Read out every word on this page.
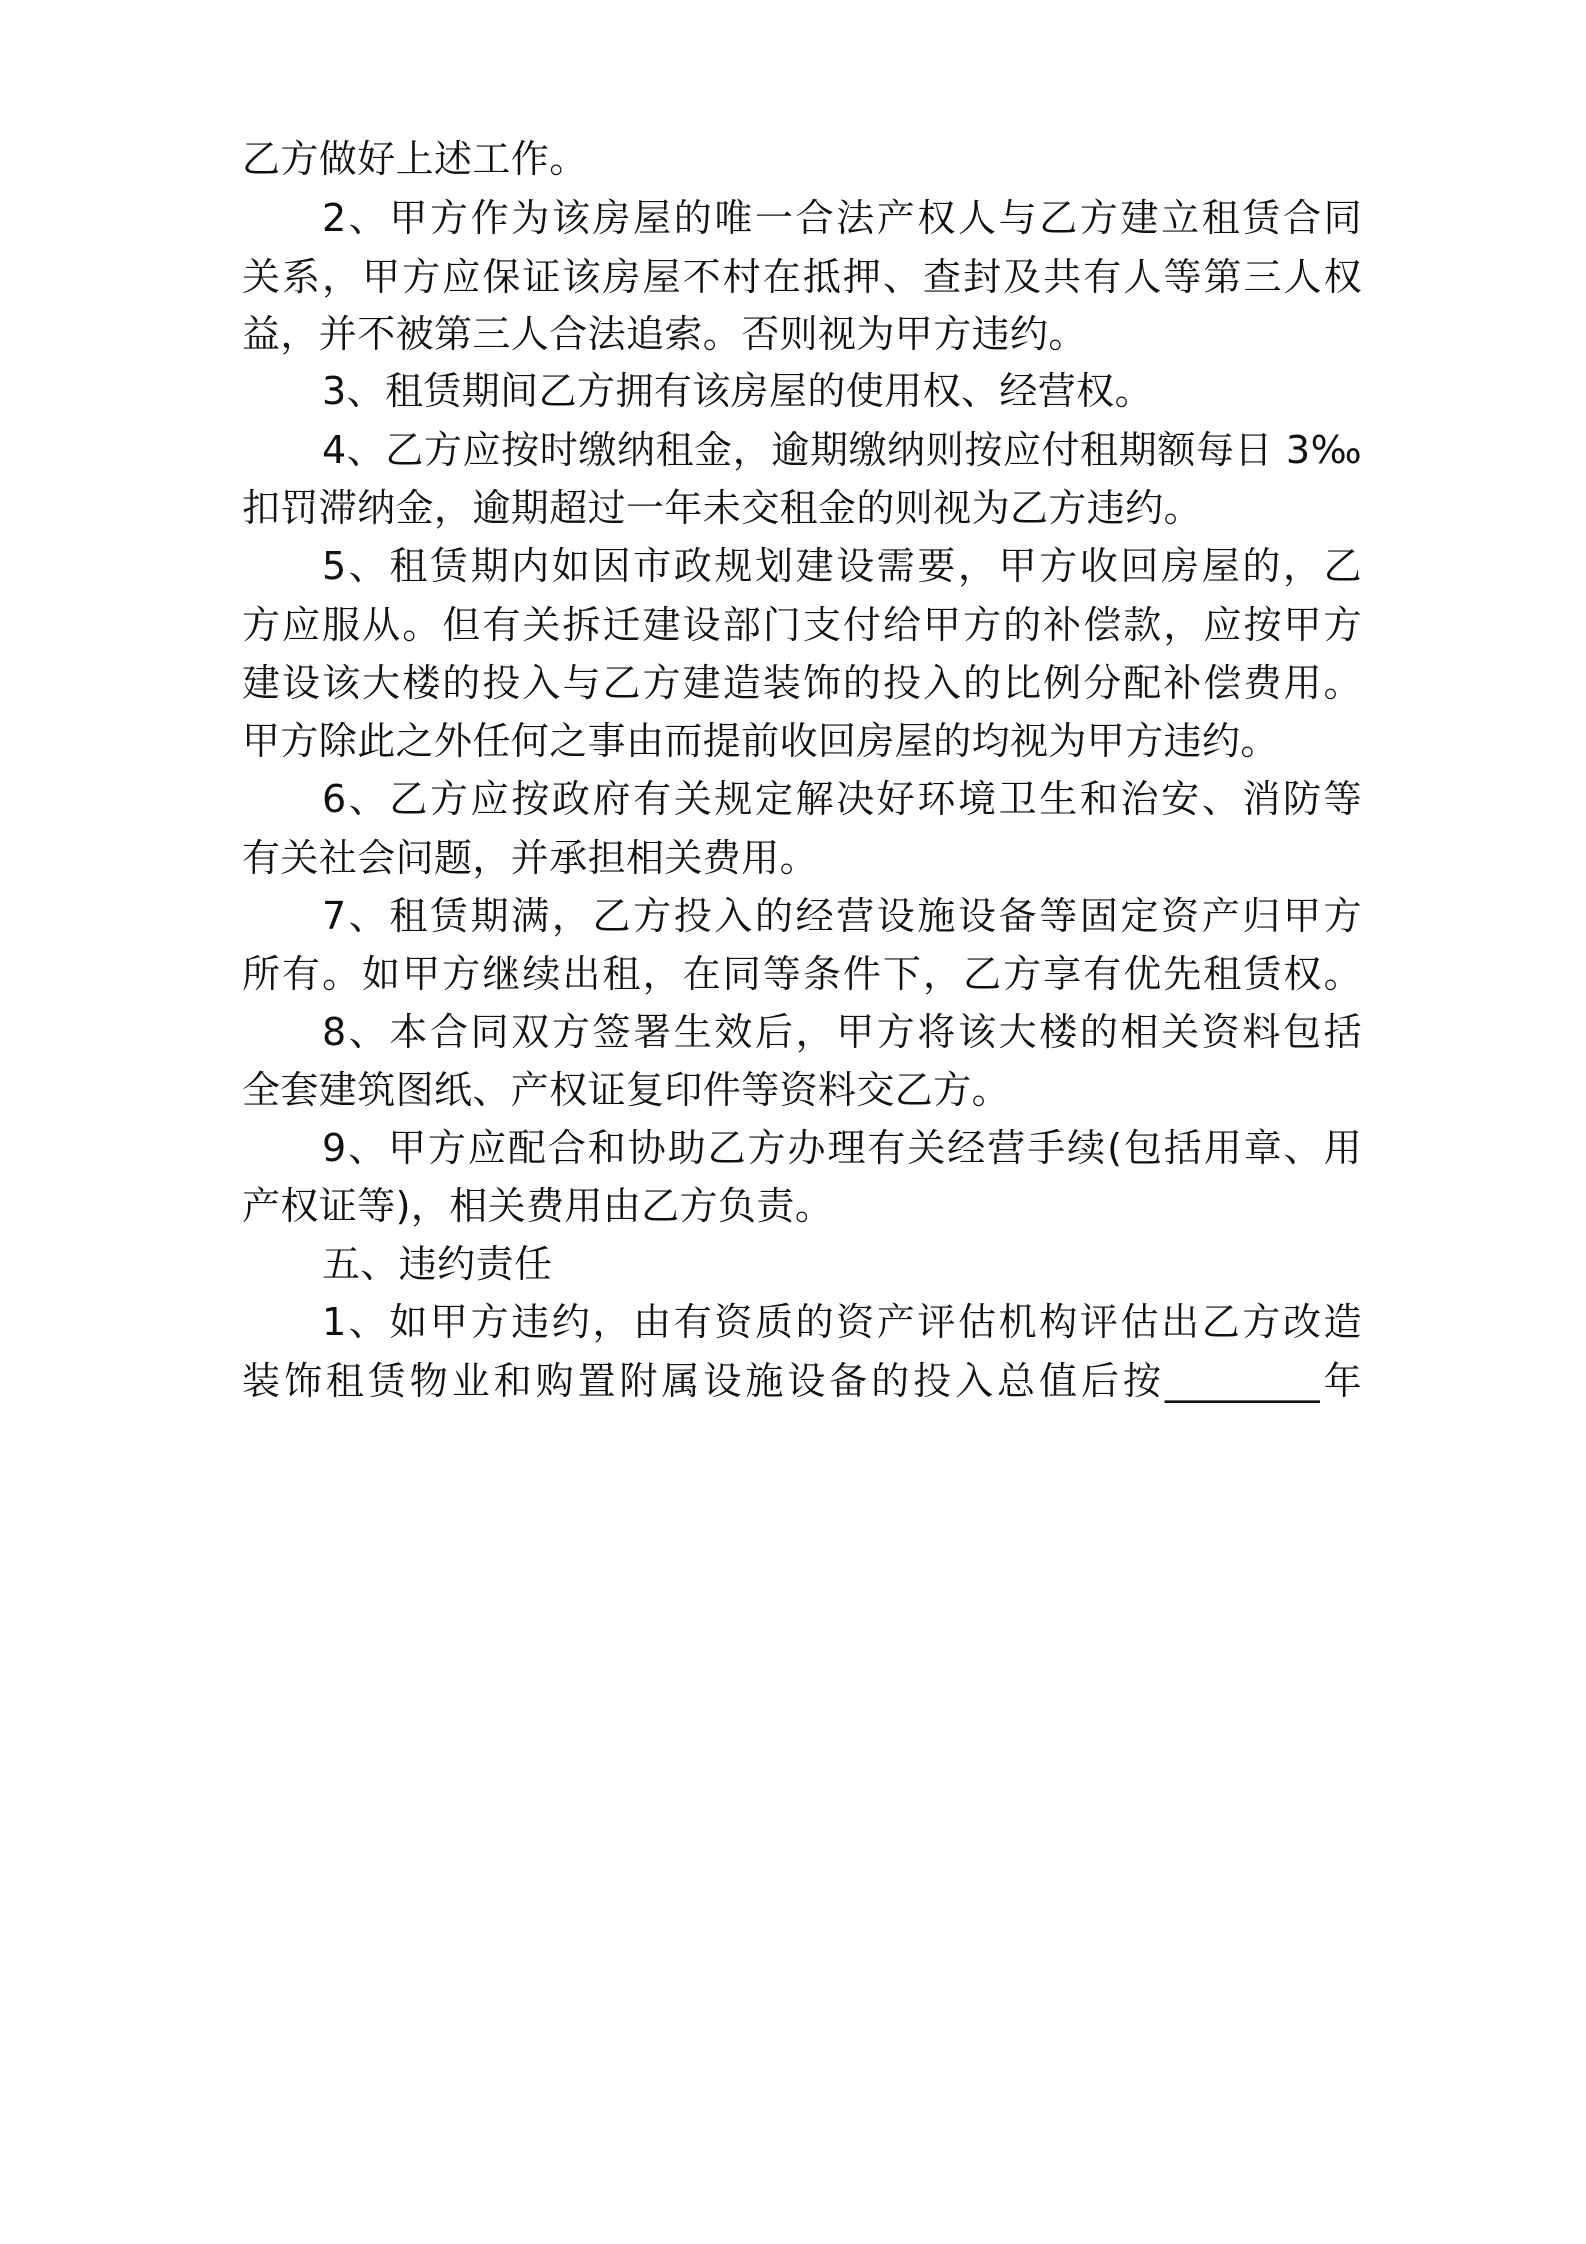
乙方做好上述工作。
2、甲方作为该房屋的唯一合法产权人与乙方建立租赁合同
关系，甲方应保证该房屋不村在抵押、查封及共有人等第三人权
益，并不被第三人合法追索。否则视为甲方违约。
3、租赁期间乙方拥有该房屋的使用权、经营权。
4、乙方应按时缴纳租金，逾期缴纳则按应付租期额每日 3‰
扣罚滞纳金，逾期超过一年未交租金的则视为乙方违约。
5、租赁期内如因市政规划建设需要，甲方收回房屋的，乙
方应服从。但有关拆迁建设部门支付给甲方的补偿款，应按甲方
建设该大楼的投入与乙方建造装饰的投入的比例分配补偿费用。
甲方除此之外任何之事由而提前收回房屋的均视为甲方违约。
6、乙方应按政府有关规定解决好环境卫生和治安、消防等
有关社会问题，并承担相关费用。
7、租赁期满，乙方投入的经营设施设备等固定资产归甲方
所有。如甲方继续出租，在同等条件下，乙方享有优先租赁权。
8、本合同双方签署生效后，甲方将该大楼的相关资料包括
全套建筑图纸、产权证复印件等资料交乙方。
9、甲方应配合和协助乙方办理有关经营手续(包括用章、用
产权证等)，相关费用由乙方负责。
五、违约责任
1、如甲方违约，由有资质的资产评估机构评估出乙方改造
装饰租赁物业和购置附属设施设备的投入总值后按________年
